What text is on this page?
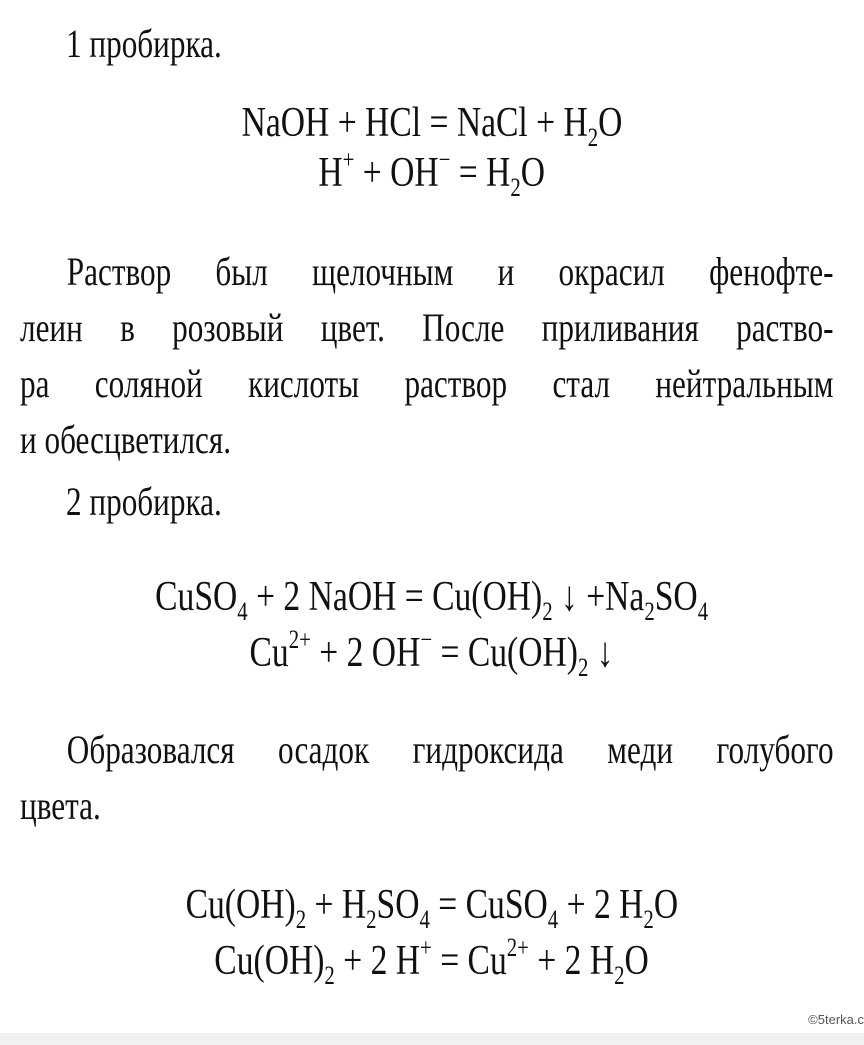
1 пробирка.
NaOH + HCl = NaCl + $H_2O$
$H^+ + OH^- = H_2O$
Раствор был щелочным и окрасил фенофте-
леин в розовый цвет. После приливания раство-
ра соляной кислоты раствор стал нейтральным
и обесцветился.
2 пробирка.
CuSO$_4$ + 2 NaOH = $Cu(OH)_2$ ↓ $+Na_2SO_4$
$Cu^{2+} + 2$ $OH^- = Cu(OH)_2$ ↓
Образовался осадок гидроксида меди голубого
цвета.
$Cu(OH)_2 + H_2SO_4$ = CuSO$_4$ + 2 $H_2O$
$Cu(OH)_2 + 2$ $H^+ = Cu^{2+} + 2$ $H_2O$
©5terka.c
